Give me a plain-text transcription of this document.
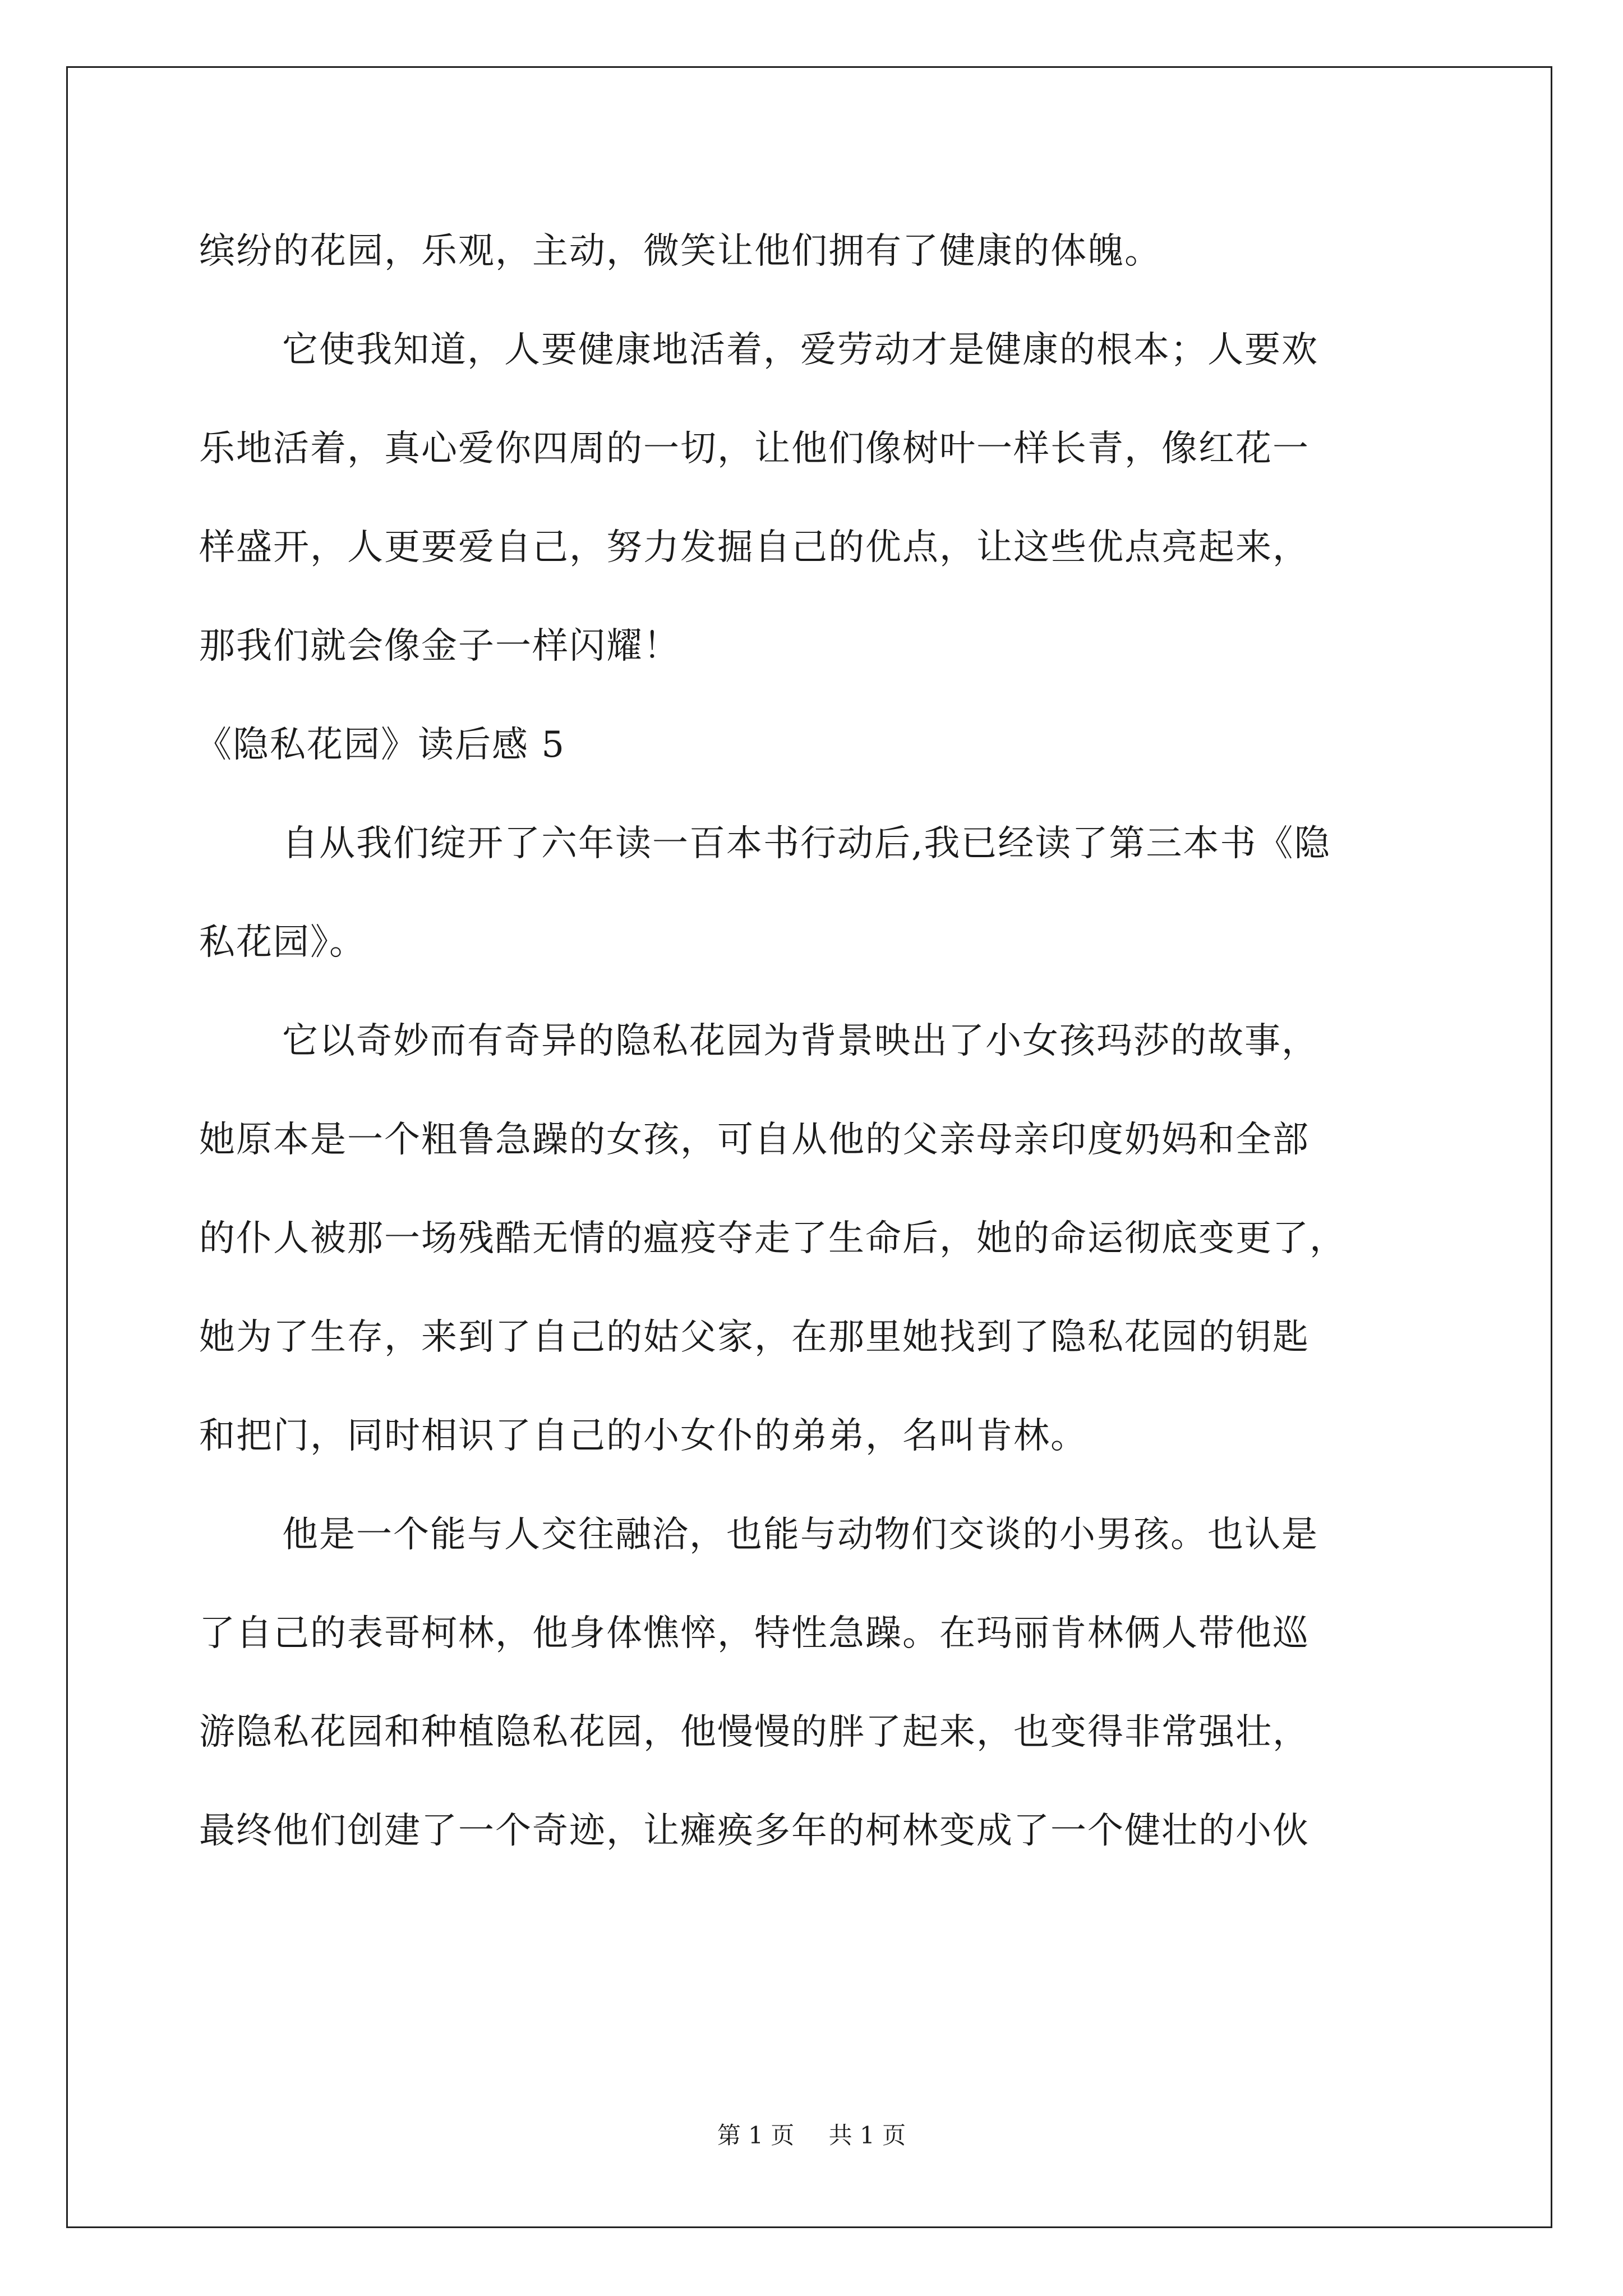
缤纷的花园，乐观，主动，微笑让他们拥有了健康的体魄。

它使我知道，人要健康地活着，爱劳动才是健康的根本；人要欢

乐地活着，真心爱你四周的一切，让他们像树叶一样长青，像红花一

样盛开，人更要爱自己，努力发掘自己的优点，让这些优点亮起来，

那我们就会像金子一样闪耀！

《隐私花园》读后感 5

自从我们绽开了六年读一百本书行动后,我已经读了第三本书《隐

私花园》。

它以奇妙而有奇异的隐私花园为背景映出了小女孩玛莎的故事，

她原本是一个粗鲁急躁的女孩，可自从他的父亲母亲印度奶妈和全部

的仆人被那一场残酷无情的瘟疫夺走了生命后，她的命运彻底变更了，

她为了生存，来到了自己的姑父家，在那里她找到了隐私花园的钥匙

和把门，同时相识了自己的小女仆的弟弟，名叫肯林。

他是一个能与人交往融洽，也能与动物们交谈的小男孩。也认是

了自己的表哥柯林，他身体憔悴，特性急躁。在玛丽肯林俩人带他巡

游隐私花园和种植隐私花园，他慢慢的胖了起来，也变得非常强壮，

最终他们创建了一个奇迹，让瘫痪多年的柯林变成了一个健壮的小伙

第 1 页 共 1 页
